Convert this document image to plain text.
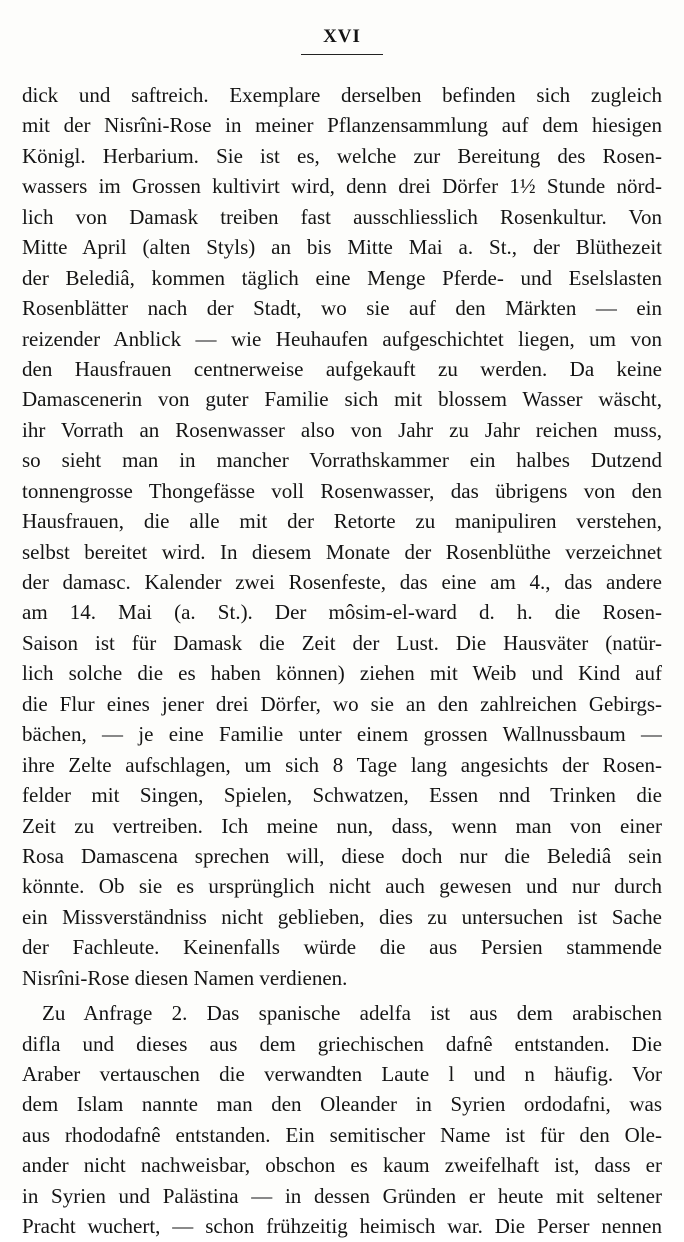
XVI
dick und saftreich. Exemplare derselben befinden sich zugleich
mit der Nisrîni-Rose in meiner Pflanzensammlung auf dem hiesigen
Königl. Herbarium. Sie ist es, welche zur Bereitung des Rosen-
wassers im Grossen kultivirt wird, denn drei Dörfer 1½ Stunde nörd-
lich von Damask treiben fast ausschliesslich Rosenkultur. Von
Mitte April (alten Styls) an bis Mitte Mai a. St., der Blüthezeit
der Belediâ, kommen täglich eine Menge Pferde- und Eselslasten
Rosenblätter nach der Stadt, wo sie auf den Märkten — ein
reizender Anblick — wie Heuhaufen aufgeschichtet liegen, um von
den Hausfrauen centnerweise aufgekauft zu werden. Da keine
Damascenerin von guter Familie sich mit blossem Wasser wäscht,
ihr Vorrath an Rosenwasser also von Jahr zu Jahr reichen muss,
so sieht man in mancher Vorrathskammer ein halbes Dutzend
tonnengrosse Thongefässe voll Rosenwasser, das übrigens von den
Hausfrauen, die alle mit der Retorte zu manipuliren verstehen,
selbst bereitet wird. In diesem Monate der Rosenblüthe verzeichnet
der damasc. Kalender zwei Rosenfeste, das eine am 4., das andere
am 14. Mai (a. St.). Der môsim-el-ward d. h. die Rosen-
Saison ist für Damask die Zeit der Lust. Die Hausväter (natür-
lich solche die es haben können) ziehen mit Weib und Kind auf
die Flur eines jener drei Dörfer, wo sie an den zahlreichen Gebirgs-
bächen, — je eine Familie unter einem grossen Wallnussbaum —
ihre Zelte aufschlagen, um sich 8 Tage lang angesichts der Rosen-
felder mit Singen, Spielen, Schwatzen, Essen nnd Trinken die
Zeit zu vertreiben. Ich meine nun, dass, wenn man von einer
Rosa Damascena sprechen will, diese doch nur die Belediâ sein
könnte. Ob sie es ursprünglich nicht auch gewesen und nur durch
ein Missverständniss nicht geblieben, dies zu untersuchen ist Sache
der Fachleute. Keinenfalls würde die aus Persien stammende
Nisrîni-Rose diesen Namen verdienen.
Zu Anfrage 2. Das spanische adelfa ist aus dem arabischen
difla und dieses aus dem griechischen dafnê entstanden. Die
Araber vertauschen die verwandten Laute l und n häufig. Vor
dem Islam nannte man den Oleander in Syrien ordodafni, was
aus rhododafnê entstanden. Ein semitischer Name ist für den Ole-
ander nicht nachweisbar, obschon es kaum zweifelhaft ist, dass er
in Syrien und Palästina — in dessen Gründen er heute mit seltener
Pracht wuchert, — schon frühzeitig heimisch war. Die Perser nennen
